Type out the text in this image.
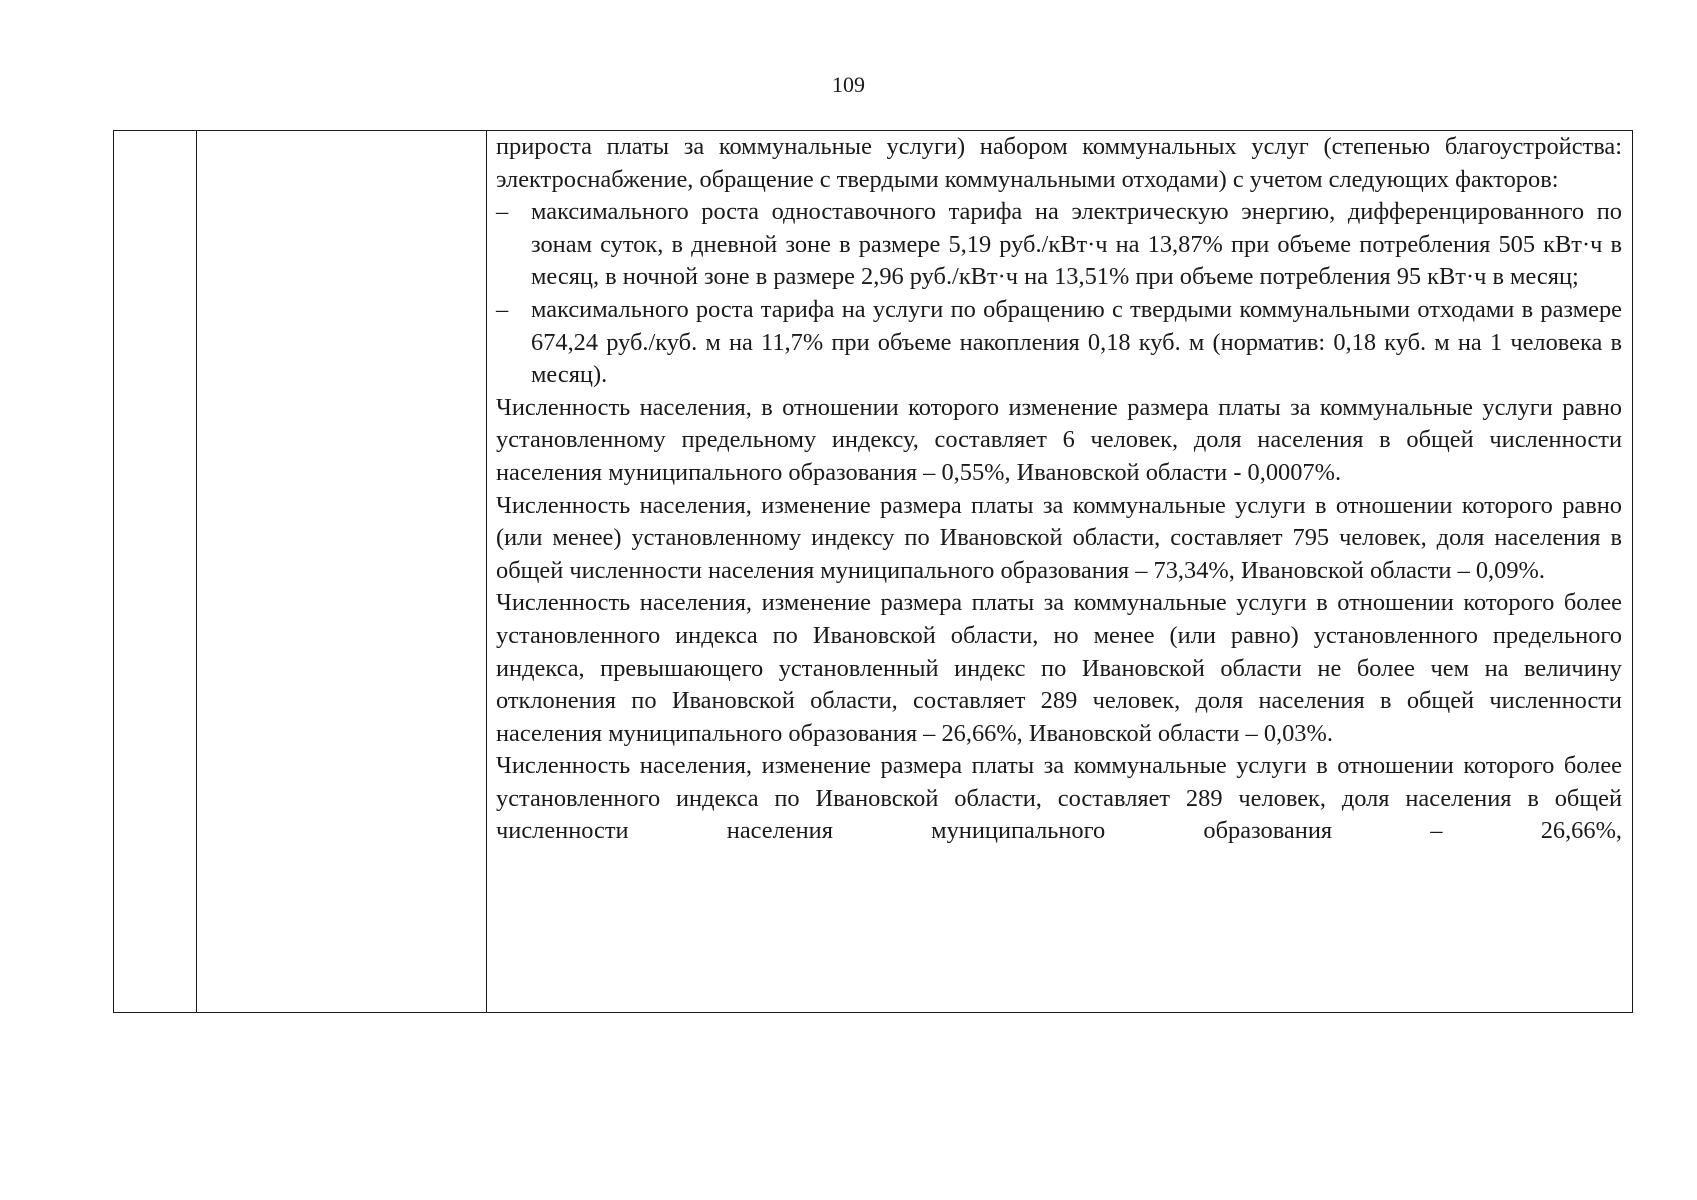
109

прироста платы за коммунальные услуги) набором коммунальных услуг (степенью благоустройства: электроснабжение, обращение с твердыми коммунальными отходами) с учетом следующих факторов:

– максимального роста одноставочного тарифа на электрическую энергию, дифференцированного по зонам суток, в дневной зоне в размере 5,19 руб./кВт·ч на 13,87% при объеме потребления 505 кВт·ч в месяц, в ночной зоне в размере 2,96 руб./кВт·ч на 13,51% при объеме потребления 95 кВт·ч в месяц;

– максимального роста тарифа на услуги по обращению с твердыми коммунальными отходами в размере 674,24 руб./куб. м на 11,7% при объеме накопления 0,18 куб. м (норматив: 0,18 куб. м на 1 человека в месяц).

Численность населения, в отношении которого изменение размера платы за коммунальные услуги равно установленному предельному индексу, составляет 6 человек, доля населения в общей численности населения муниципального образования – 0,55%, Ивановской области - 0,0007%.

Численность населения, изменение размера платы за коммунальные услуги в отношении которого равно (или менее) установленному индексу по Ивановской области, составляет 795 человек, доля населения в общей численности населения муниципального образования – 73,34%, Ивановской области – 0,09%.

Численность населения, изменение размера платы за коммунальные услуги в отношении которого более установленного индекса по Ивановской области, но менее (или равно) установленного предельного индекса, превышающего установленный индекс по Ивановской области не более чем на величину отклонения по Ивановской области, составляет 289 человек, доля населения в общей численности населения муниципального образования – 26,66%, Ивановской области – 0,03%.

Численность населения, изменение размера платы за коммунальные услуги в отношении которого более установленного индекса по Ивановской области, составляет 289 человек, доля населения в общей численности населения муниципального образования – 26,66%,
